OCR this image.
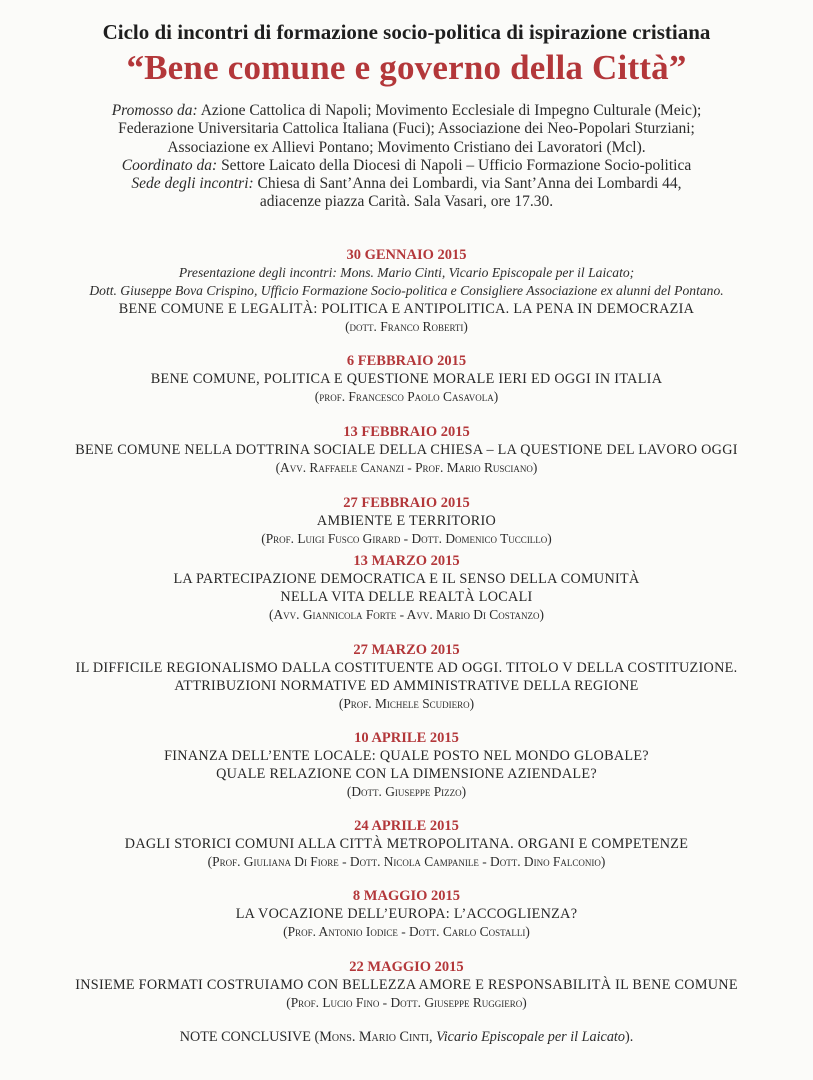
Ciclo di incontri di formazione socio-politica di ispirazione cristiana
“Bene comune e governo della Città”
Promosso da: Azione Cattolica di Napoli; Movimento Ecclesiale di Impegno Culturale (Meic);
Federazione Universitaria Cattolica Italiana (Fuci); Associazione dei Neo-Popolari Sturziani;
Associazione ex Allievi Pontano; Movimento Cristiano dei Lavoratori (Mcl).
Coordinato da: Settore Laicato della Diocesi di Napoli – Ufficio Formazione Socio-politica
Sede degli incontri: Chiesa di Sant’Anna dei Lombardi, via Sant’Anna dei Lombardi 44,
adiacenze piazza Carità. Sala Vasari, ore 17.30.
30 GENNAIO 2015
Presentazione degli incontri: Mons. Mario Cinti, Vicario Episcopale per il Laicato;
Dott. Giuseppe Bova Crispino, Ufficio Formazione Socio-politica e Consigliere Associazione ex alunni del Pontano.
BENE COMUNE E LEGALITÀ: POLITICA E ANTIPOLITICA. LA PENA IN DEMOCRAZIA
(dott. Franco Roberti)
6 FEBBRAIO 2015
BENE COMUNE, POLITICA E QUESTIONE MORALE IERI ED OGGI IN ITALIA
(prof. Francesco Paolo Casavola)
13 FEBBRAIO 2015
BENE COMUNE NELLA DOTTRINA SOCIALE DELLA CHIESA – LA QUESTIONE DEL LAVORO OGGI
(Avv. Raffaele Cananzi - Prof. Mario Rusciano)
27 FEBBRAIO 2015
AMBIENTE E TERRITORIO
(Prof. Luigi Fusco Girard - Dott. Domenico Tuccillo)
13 MARZO 2015
LA PARTECIPAZIONE DEMOCRATICA E IL SENSO DELLA COMUNITÀ
NELLA VITA DELLE REALTÀ LOCALI
(Avv. Giannicola Forte - Avv. Mario Di Costanzo)
27 MARZO 2015
IL DIFFICILE REGIONALISMO DALLA COSTITUENTE AD OGGI. TITOLO V DELLA COSTITUZIONE.
ATTRIBUZIONI NORMATIVE ED AMMINISTRATIVE DELLA REGIONE
(Prof. Michele Scudiero)
10 APRILE 2015
FINANZA DELL’ENTE LOCALE: QUALE POSTO NEL MONDO GLOBALE?
QUALE RELAZIONE CON LA DIMENSIONE AZIENDALE?
(Dott. Giuseppe Pizzo)
24 APRILE 2015
DAGLI STORICI COMUNI ALLA CITTÀ METROPOLITANA. ORGANI E COMPETENZE
(Prof. Giuliana Di Fiore - Dott. Nicola Campanile - Dott. Dino Falconio)
8 MAGGIO 2015
LA VOCAZIONE DELL’EUROPA: L’ACCOGLIENZA?
(Prof. Antonio Iodice - Dott. Carlo Costalli)
22 MAGGIO 2015
INSIEME FORMATI COSTRUIAMO CON BELLEZZA AMORE E RESPONSABILITÀ IL BENE COMUNE
(Prof. Lucio Fino - Dott. Giuseppe Ruggiero)
NOTE CONCLUSIVE (Mons. Mario Cinti, Vicario Episcopale per il Laicato).
